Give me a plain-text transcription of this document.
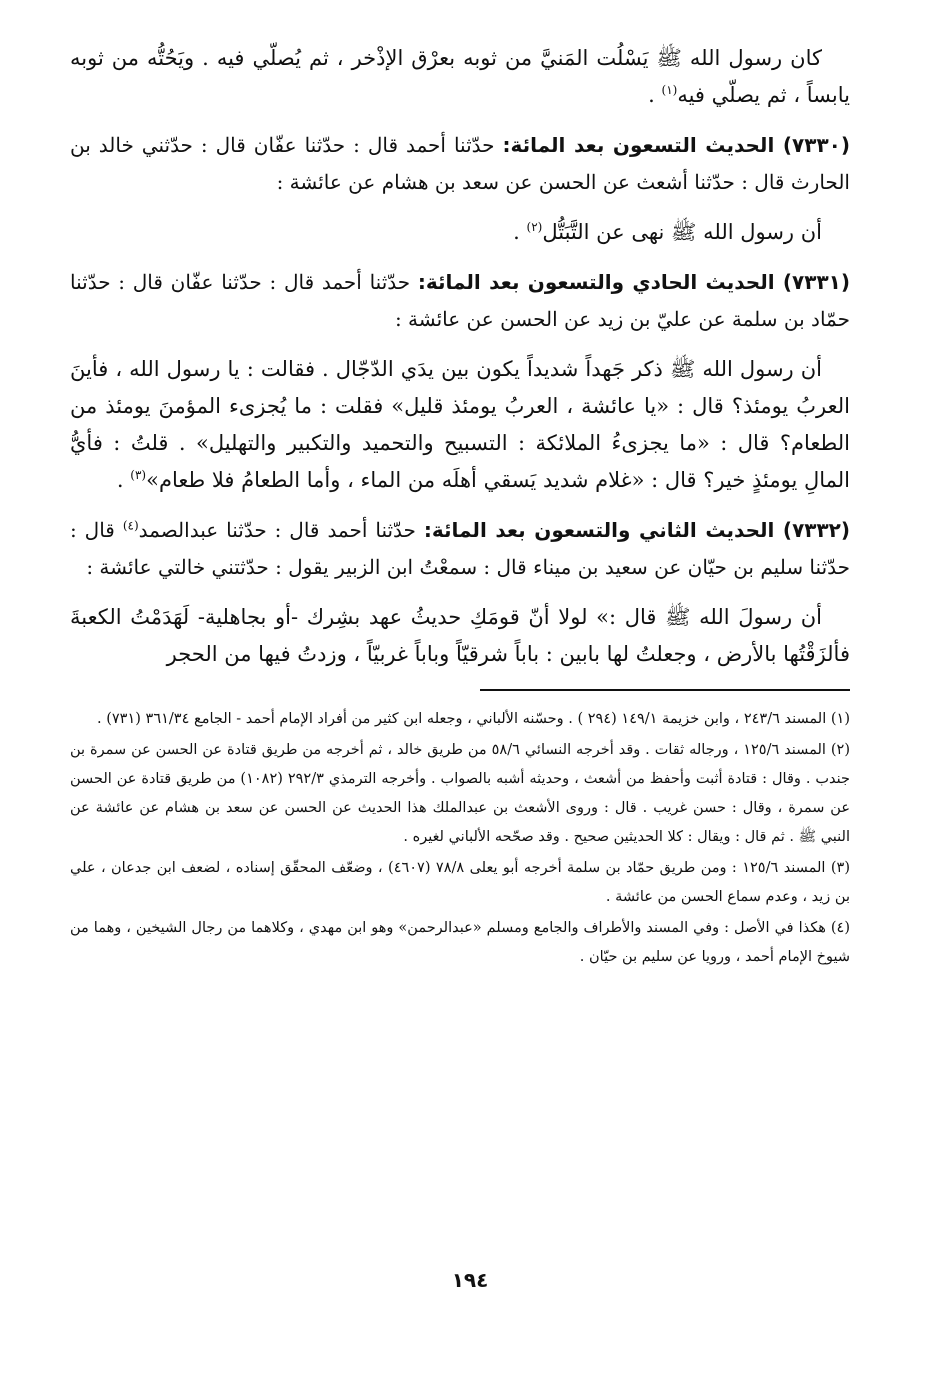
كان رسول الله ﷺ يَسْلُت المَنيَّ من ثوبه بعرْق الإذْخر ، ثم يُصلّي فيه . ويَحُتُّه من ثوبه يابساً ، ثم يصلّي فيه$^{(١)}$ .

(٧٣٣٠) الحديث التسعون بعد المائة: حدّثنا أحمد قال : حدّثنا عفّان قال : حدّثني خالد بن الحارث قال : حدّثنا أشعث عن الحسن عن سعد بن هشام عن عائشة :

أن رسول الله ﷺ نهى عن التَّبَتُّل$^{(٢)}$ .

(٧٣٣١) الحديث الحادي والتسعون بعد المائة: حدّثنا أحمد قال : حدّثنا عفّان قال : حدّثنا حمّاد بن سلمة عن عليّ بن زيد عن الحسن عن عائشة :

أن رسول الله ﷺ ذكر جَهداً شديداً يكون بين يدَي الدّجّال . فقالت : يا رسول الله ، فأينَ العربُ يومئذ؟ قال : «يا عائشة ، العربُ يومئذ قليل» فقلت : ما يُجزىء المؤمنَ يومئذ من الطعام؟ قال : «ما يجزىءُ الملائكة : التسبيح والتحميد والتكبير والتهليل» . قلتُ : فأيُّ المالِ يومئذٍ خير؟ قال : «غلام شديد يَسقي أهلَه من الماء ، وأما الطعامُ فلا طعام»$^{(٣)}$ .

(٧٣٣٢) الحديث الثاني والتسعون بعد المائة: حدّثنا أحمد قال : حدّثنا عبدالصمد$^{(٤)}$ قال : حدّثنا سليم بن حيّان عن سعيد بن ميناء قال : سمعْتُ ابن الزبير يقول : حدّثتني خالتي عائشة :

أن رسولَ الله ﷺ قال :» لولا أنّ قومَكِ حديثُ عهد بشِرك -أو بجاهلية- لَهَدَمْتُ الكعبةَ فألزَقْتُها بالأرض ، وجعلتُ لها بابين : باباً شرقيّاً وباباً غربيّاً ، وزدتُ فيها من الحجر

(١) المسند ٢٤٣/٦ ، وابن خزيمة ١٤٩/١ (٢٩٤ ) . وحسّنه الألباني ، وجعله ابن كثير من أفراد الإمام أحمد - الجامع ٣٦١/٣٤ (٧٣١) .

(٢) المسند ١٢٥/٦ ، ورجاله ثقات . وقد أخرجه النسائي ٥٨/٦ من طريق خالد ، ثم أخرجه من طريق قتادة عن الحسن عن سمرة بن جندب . وقال : قتادة أثبت وأحفظ من أشعث ، وحديثه أشبه بالصواب . وأخرجه الترمذي ٢٩٢/٣ (١٠٨٢) من طريق قتادة عن الحسن عن سمرة ، وقال : حسن غريب . قال : وروى الأشعث بن عبدالملك هذا الحديث عن الحسن عن سعد بن هشام عن عائشة عن النبي ﷺ . ثم قال : ويقال : كلا الحديثين صحيح . وقد صحّحه الألباني لغيره .

(٣) المسند ١٢٥/٦ : ومن طريق حمّاد بن سلمة أخرجه أبو يعلى ٧٨/٨ (٤٦٠٧) ، وضعّف المحقّق إسناده ، لضعف ابن جدعان ، علي بن زيد ، وعدم سماع الحسن من عائشة .

(٤) هكذا في الأصل : وفي المسند والأطراف والجامع ومسلم «عبدالرحمن» وهو ابن مهدي ، وكلاهما من رجال الشيخين ، وهما من شيوخ الإمام أحمد ، ورويا عن سليم بن حيّان .

١٩٤
